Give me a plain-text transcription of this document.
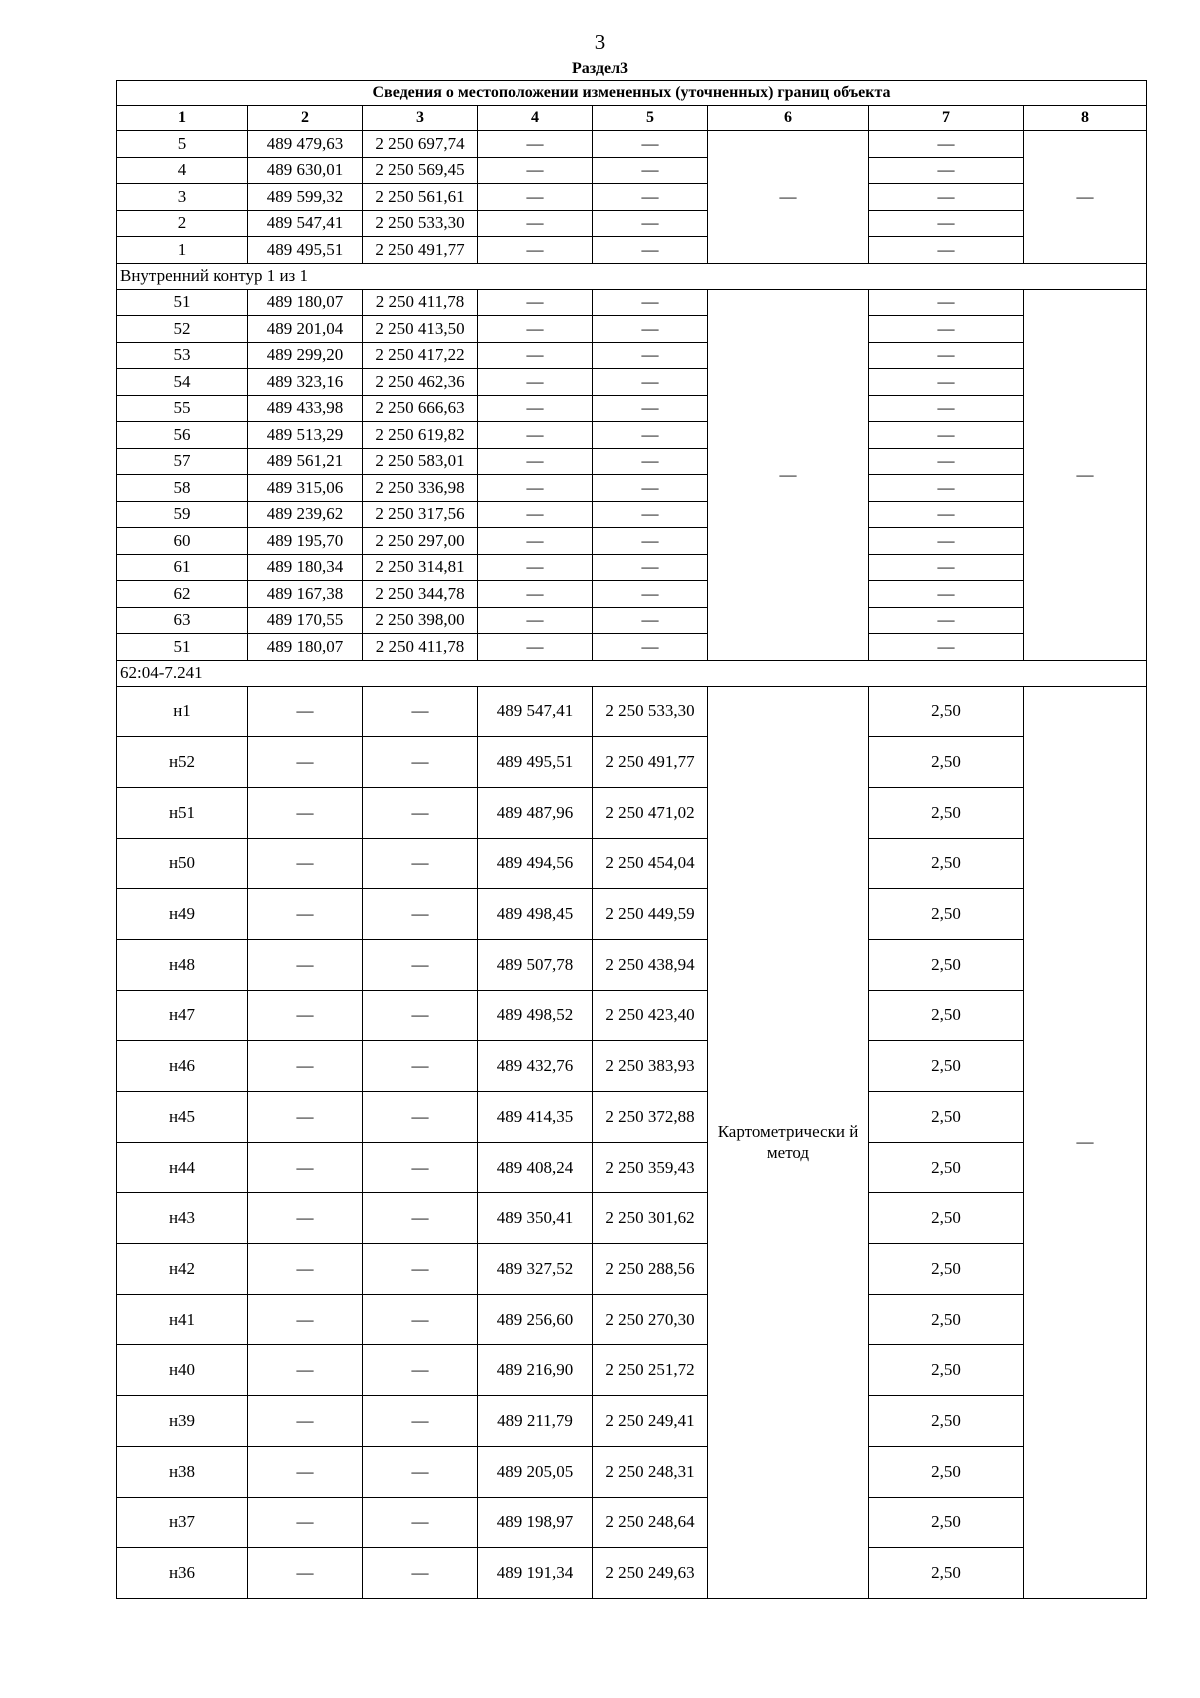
3
Раздел3
Сведения о местоположении измененных (уточненных) границ объекта							
1	2	3	4	5	6	7	8
5	489 479,63	2 250 697,74	—	—	—	—	—
4	489 630,01	2 250 569,45	—	—		—	
3	489 599,32	2 250 561,61	—	—		—	
2	489 547,41	2 250 533,30	—	—		—	
1	489 495,51	2 250 491,77	—	—		—	
Внутренний контур 1 из 1							
51	489 180,07	2 250 411,78	—	—	—	—	—
52	489 201,04	2 250 413,50	—	—		—	
53	489 299,20	2 250 417,22	—	—		—	
54	489 323,16	2 250 462,36	—	—		—	
55	489 433,98	2 250 666,63	—	—		—	
56	489 513,29	2 250 619,82	—	—		—	
57	489 561,21	2 250 583,01	—	—		—	
58	489 315,06	2 250 336,98	—	—		—	
59	489 239,62	2 250 317,56	—	—		—	
60	489 195,70	2 250 297,00	—	—		—	
61	489 180,34	2 250 314,81	—	—		—	
62	489 167,38	2 250 344,78	—	—		—	
63	489 170,55	2 250 398,00	—	—		—	
51	489 180,07	2 250 411,78	—	—		—	
62:04-7.241							
н1	—	—	489 547,41	2 250 533,30	Картометрически й метод	2,50	—
н52	—	—	489 495,51	2 250 491,77		2,50	
н51	—	—	489 487,96	2 250 471,02		2,50	
н50	—	—	489 494,56	2 250 454,04		2,50	
н49	—	—	489 498,45	2 250 449,59		2,50	
н48	—	—	489 507,78	2 250 438,94		2,50	
н47	—	—	489 498,52	2 250 423,40		2,50	
н46	—	—	489 432,76	2 250 383,93		2,50	
н45	—	—	489 414,35	2 250 372,88		2,50	
н44	—	—	489 408,24	2 250 359,43		2,50	
н43	—	—	489 350,41	2 250 301,62		2,50	
н42	—	—	489 327,52	2 250 288,56		2,50	
н41	—	—	489 256,60	2 250 270,30		2,50	
н40	—	—	489 216,90	2 250 251,72		2,50	
н39	—	—	489 211,79	2 250 249,41		2,50	
н38	—	—	489 205,05	2 250 248,31		2,50	
н37	—	—	489 198,97	2 250 248,64		2,50	
н36	—	—	489 191,34	2 250 249,63		2,50	
